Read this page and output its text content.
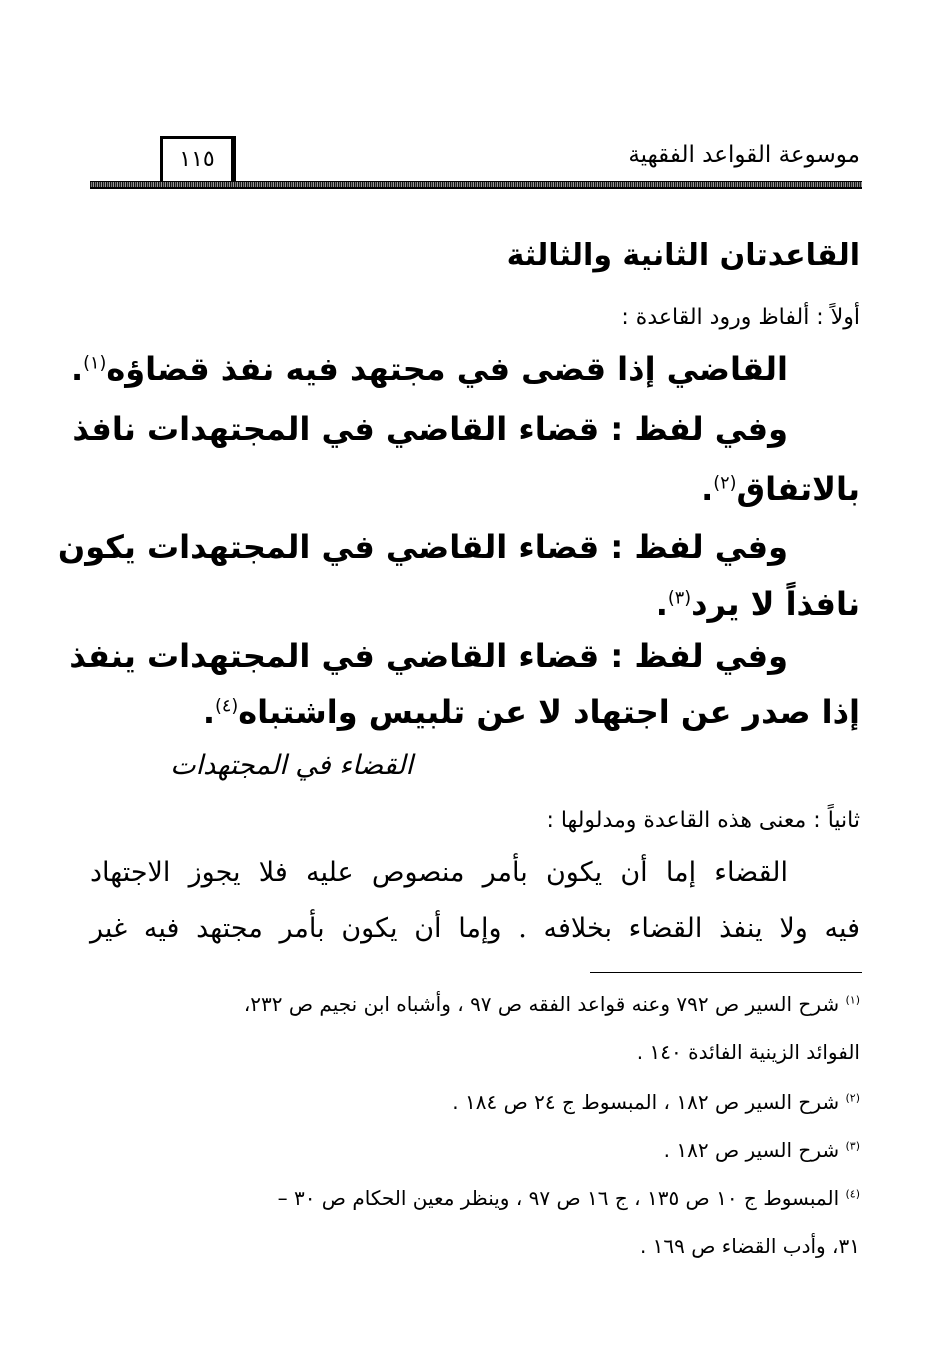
موسوعة القواعد الفقهية
١١٥
القاعدتان الثانية والثالثة
أولاً : ألفاظ ورود القاعدة :
القاضي إذا قضى في مجتهد فيه نفذ قضاؤه$^{(١)}$.
وفي لفظ : قضاء القاضي في المجتهدات نافذ
بالاتفاق$^{(٢)}$.
وفي لفظ : قضاء القاضي في المجتهدات يكون
نافذاً لا يرد$^{(٣)}$.
وفي لفظ : قضاء القاضي في المجتهدات ينفذ
إذا صدر عن اجتهاد لا عن تلبيس واشتباه$^{(٤)}$.
القضاء في المجتهدات
ثانياً : معنى هذه القاعدة ومدلولها :
القضاء إما أن يكون بأمر منصوص عليه فلا يجوز الاجتهاد
فيه ولا ينفذ القضاء بخلافه . وإما أن يكون بأمر مجتهد فيه غير
$^{(١)}$ شرح السير ص ٧٩٢ وعنه قواعد الفقه ص ٩٧ ، وأشباه ابن نجيم ص ٢٣٢،
الفوائد الزينية الفائدة ١٤٠ .
$^{(٢)}$ شرح السير ص ١٨٢ ، المبسوط ج ٢٤ ص ١٨٤ .
$^{(٣)}$ شرح السير ص ١٨٢ .
$^{(٤)}$ المبسوط ج ١٠ ص ١٣٥ ، ج ١٦ ص ٩٧ ، وينظر معين الحكام ص ٣٠ –
٣١، وأدب القضاء ص ١٦٩ .
